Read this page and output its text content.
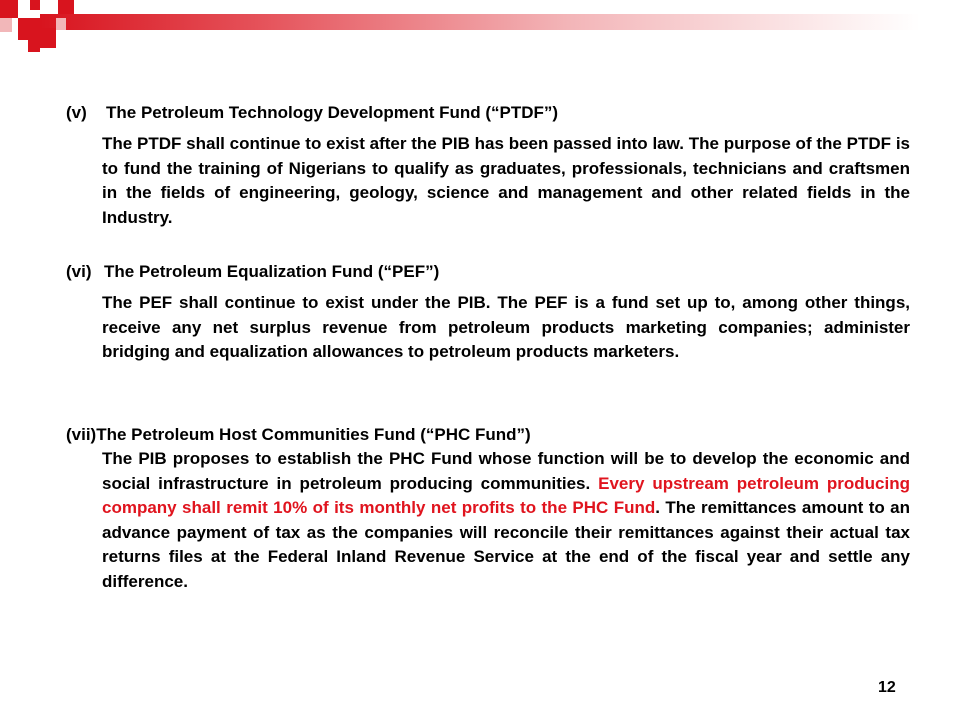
(v) The Petroleum Technology Development Fund (“PTDF”)
The PTDF shall continue to exist after the PIB has been passed into law. The purpose of the PTDF is to fund the training of Nigerians to qualify as graduates, professionals, technicians and craftsmen in the fields of engineering, geology, science and management and other related fields in the Industry.
(vi) The Petroleum Equalization Fund (“PEF”)
The PEF shall continue to exist under the PIB. The PEF is a fund set up to, among other things, receive any net surplus revenue from petroleum products marketing companies; administer bridging and equalization allowances to petroleum products marketers.
(vii)The Petroleum Host Communities Fund (“PHC Fund”)
The PIB proposes to establish the PHC Fund whose function will be to develop the economic and social infrastructure in petroleum producing communities. Every upstream petroleum producing company shall remit 10% of its monthly net profits to the PHC Fund. The remittances amount to an advance payment of tax as the companies will reconcile their remittances against their actual tax returns files at the Federal Inland Revenue Service at the end of the fiscal year and settle any difference.
12
